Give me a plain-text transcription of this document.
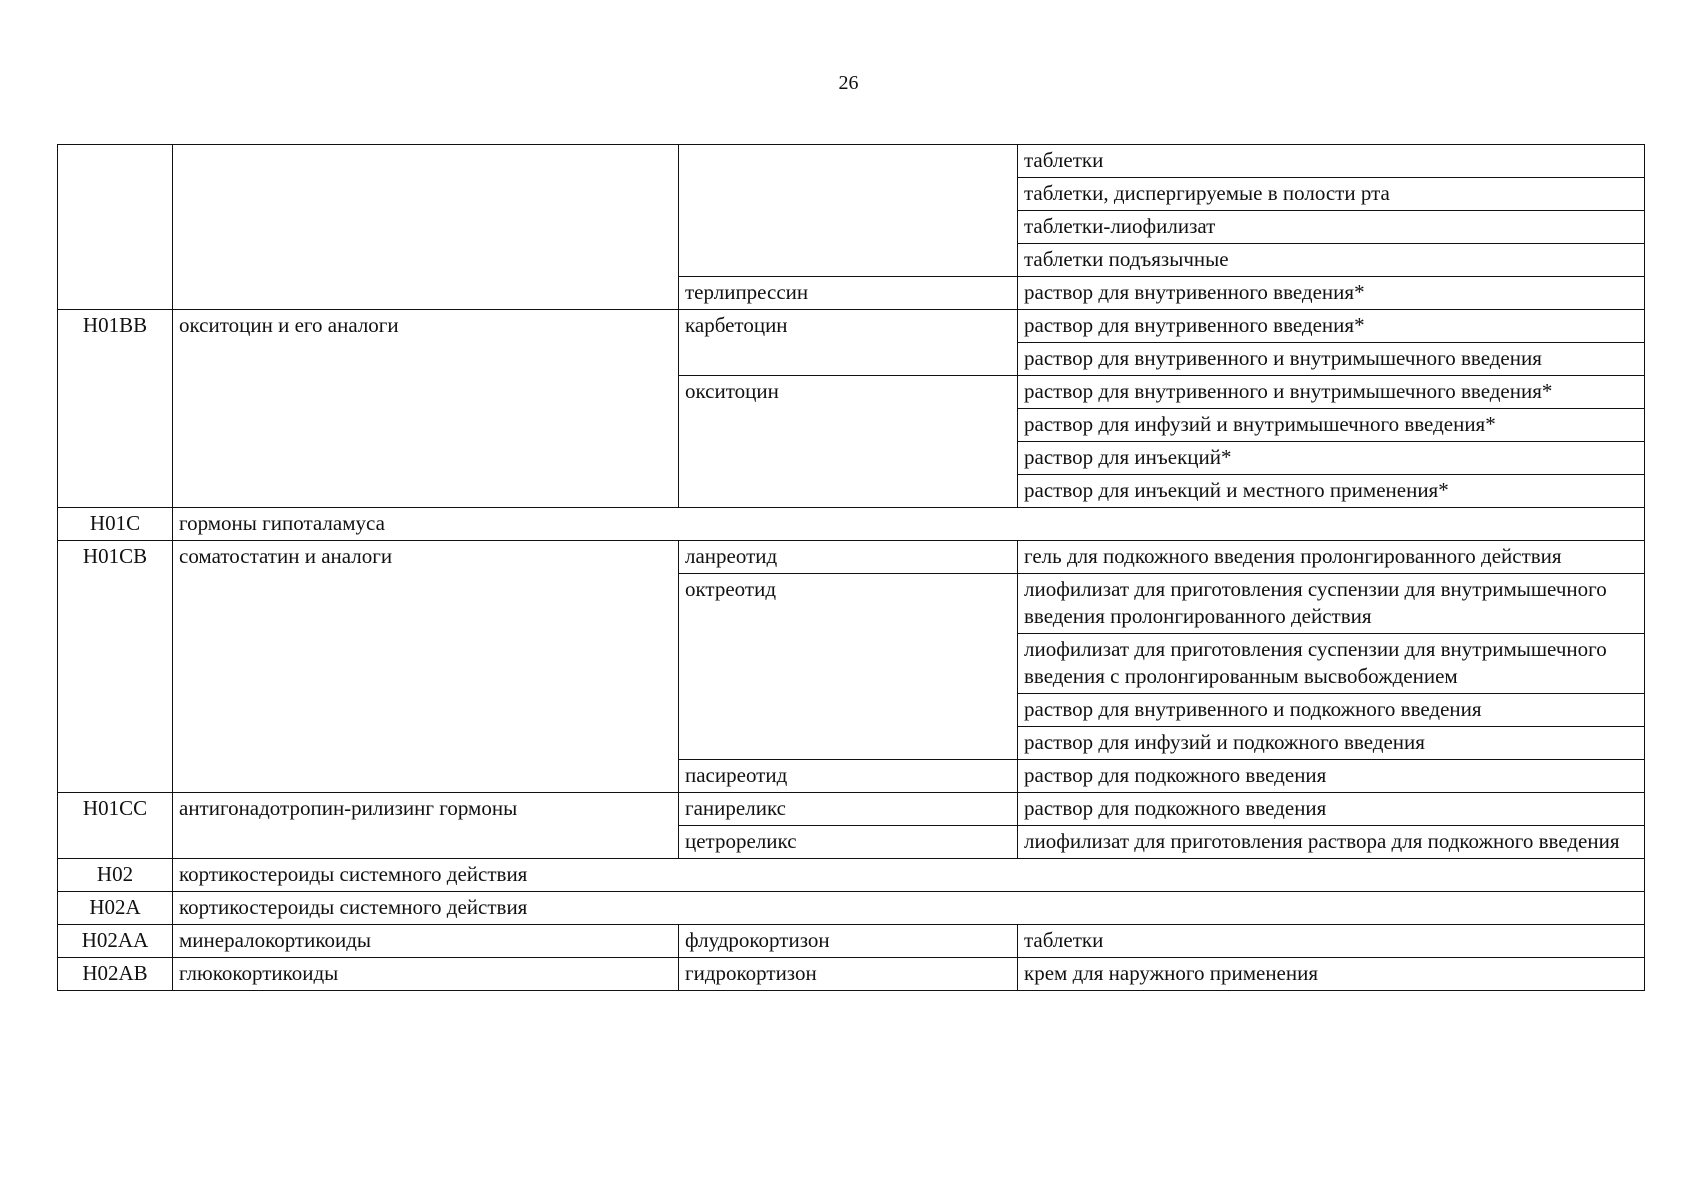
26
			таблетки
			таблетки, диспергируемые в полости рта
			таблетки-лиофилизат
			таблетки подъязычные
		терлипрессин	раствор для внутривенного введения*
H01BB	окситоцин и его аналоги	карбетоцин	раствор для внутривенного введения*
			раствор для внутривенного и внутримышечного введения
		окситоцин	раствор для внутривенного и внутримышечного введения*
			раствор для инфузий и внутримышечного введения*
			раствор для инъекций*
			раствор для инъекций и местного применения*
H01C	гормоны гипоталамуса		
H01CB	соматостатин и аналоги	ланреотид	гель для подкожного введения пролонгированного действия
		октреотид	лиофилизат для приготовления суспензии для внутримышечного введения пролонгированного действия
			лиофилизат для приготовления суспензии для внутримышечного введения с пролонгированным высвобождением
			раствор для внутривенного и подкожного введения
			раствор для инфузий и подкожного введения
		пасиреотид	раствор для подкожного введения
H01CC	антигонадотропин-рилизинг гормоны	ганиреликс	раствор для подкожного введения
		цетрореликс	лиофилизат для приготовления раствора для подкожного введения
H02	кортикостероиды системного действия		
H02A	кортикостероиды системного действия		
H02AA	минералокортикоиды	флудрокортизон	таблетки
H02AB	глюкокортикоиды	гидрокортизон	крем для наружного применения
